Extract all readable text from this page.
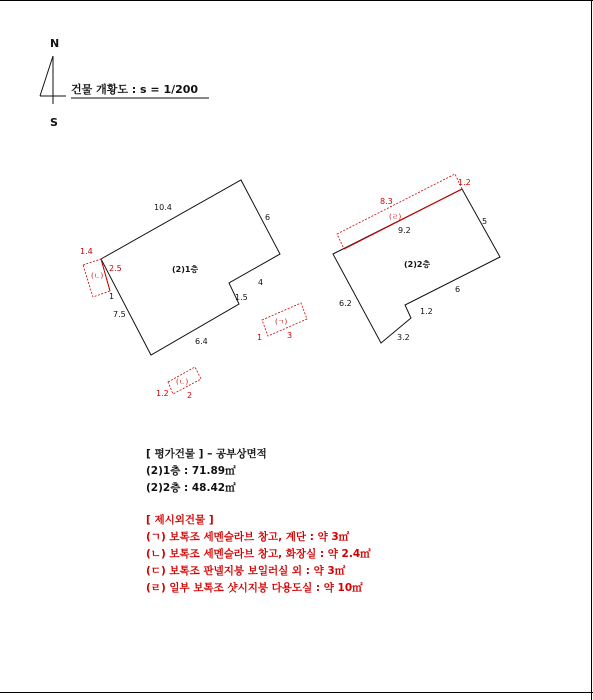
N
S
건물 개황도 : s = 1/200
(2)1층
10.4
6
4
1.5
6.4
7.5
(ㄴ)
1.4
2.5
1
(ㄱ)
1	3
(ㄴ)
1.2 2
(2)2층
9.2
5
6
1.2
3.2
6.2
(ㄹ)
8.3
1.2
[ 평가건물 ] – 공부상면적
(2)1층 : 71.89㎡
(2)2층 : 48.42㎡
[ 제시외건물 ]
(ㄱ) 보톡조 세멘슬라브 창고, 계단 : 약 3㎡
(ㄴ) 보톡조 세멘슬라브 창고, 화장실 : 약 2.4㎡
(ㄷ) 보톡조 판넬지붕 보일러실 외 : 약 3㎡
(ㄹ) 일부 보톡조 샷시지붕 다용도실 : 약 10㎡
